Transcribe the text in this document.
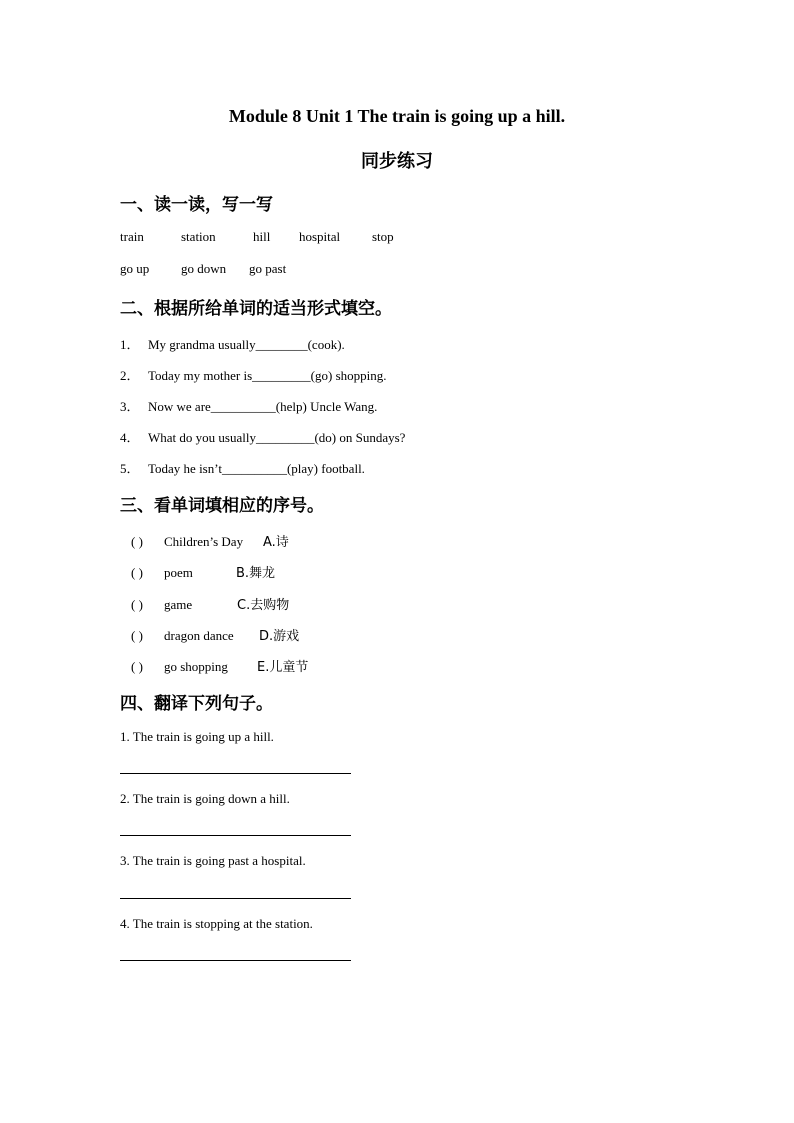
Module 8 Unit 1 The train is going up a hill.
同步练习
一、读一读，写一写
train	station	hill hospital stop
go up go down go past
二、根据所给单词的适当形式填空。
1． My grandma usually________(cook).
2． Today my mother is_________(go) shopping.
3． Now we are__________(help) Uncle Wang.
4． What do you usually_________(do) on Sundays?
5． Today he isn’t__________(play) football.
三、看单词填相应的序号。
( ) Children’s Day A.诗
( ) poem	B.舞龙
( ) game	C.去购物
( ) dragon dance D.游戏
( ) go shopping E.儿童节
四、翻译下列句子。
1. The train is going up a hill.
2. The train is going down a hill.
3. The train is going past a hospital.
4. The train is stopping at the station.
